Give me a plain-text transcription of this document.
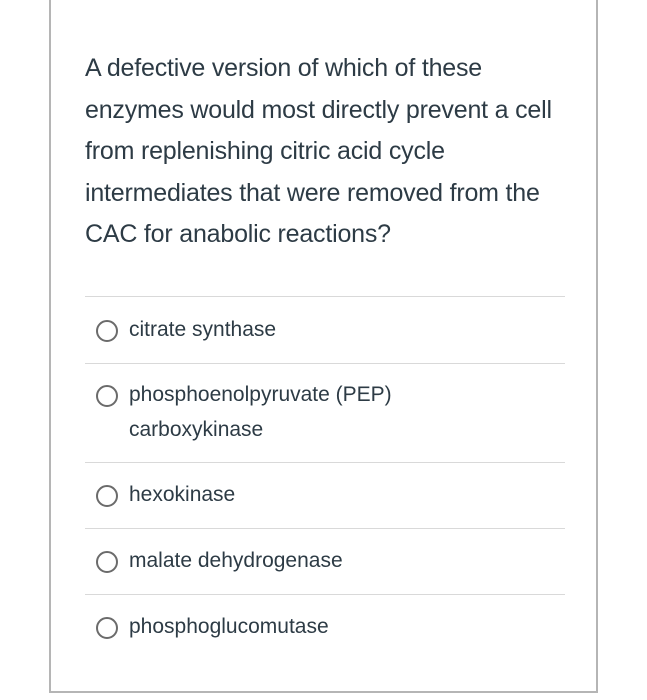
A defective version of which of these enzymes would most directly prevent a cell from replenishing citric acid cycle intermediates that were removed from the CAC for anabolic reactions?

citrate synthase
phosphoenolpyruvate (PEP) carboxykinase
hexokinase
malate dehydrogenase
phosphoglucomutase
